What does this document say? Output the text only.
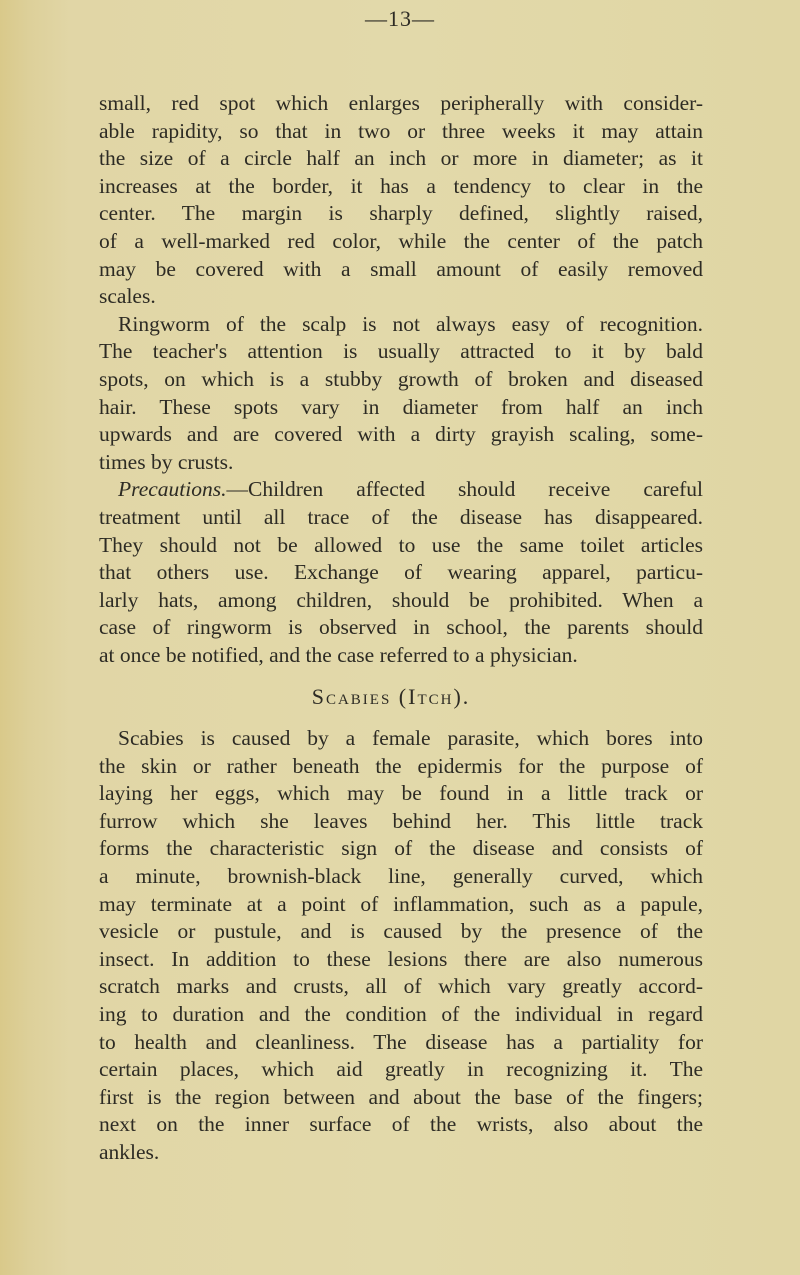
—13—
small, red spot which enlarges peripherally with consider-
able rapidity, so that in two or three weeks it may attain
the size of a circle half an inch or more in diameter; as it
increases at the border, it has a tendency to clear in the
center. The margin is sharply defined, slightly raised,
of a well-marked red color, while the center of the patch
may be covered with a small amount of easily removed
scales.
Ringworm of the scalp is not always easy of recognition.
The teacher's attention is usually attracted to it by bald
spots, on which is a stubby growth of broken and diseased
hair. These spots vary in diameter from half an inch
upwards and are covered with a dirty grayish scaling, some-
times by crusts.
Precautions.—Children affected should receive careful
treatment until all trace of the disease has disappeared.
They should not be allowed to use the same toilet articles
that others use. Exchange of wearing apparel, particu-
larly hats, among children, should be prohibited. When a
case of ringworm is observed in school, the parents should
at once be notified, and the case referred to a physician.
Scabies (Itch).
Scabies is caused by a female parasite, which bores into
the skin or rather beneath the epidermis for the purpose of
laying her eggs, which may be found in a little track or
furrow which she leaves behind her. This little track
forms the characteristic sign of the disease and consists of
a minute, brownish-black line, generally curved, which
may terminate at a point of inflammation, such as a papule,
vesicle or pustule, and is caused by the presence of the
insect. In addition to these lesions there are also numerous
scratch marks and crusts, all of which vary greatly accord-
ing to duration and the condition of the individual in regard
to health and cleanliness. The disease has a partiality for
certain places, which aid greatly in recognizing it. The
first is the region between and about the base of the fingers;
next on the inner surface of the wrists, also about the
ankles.
